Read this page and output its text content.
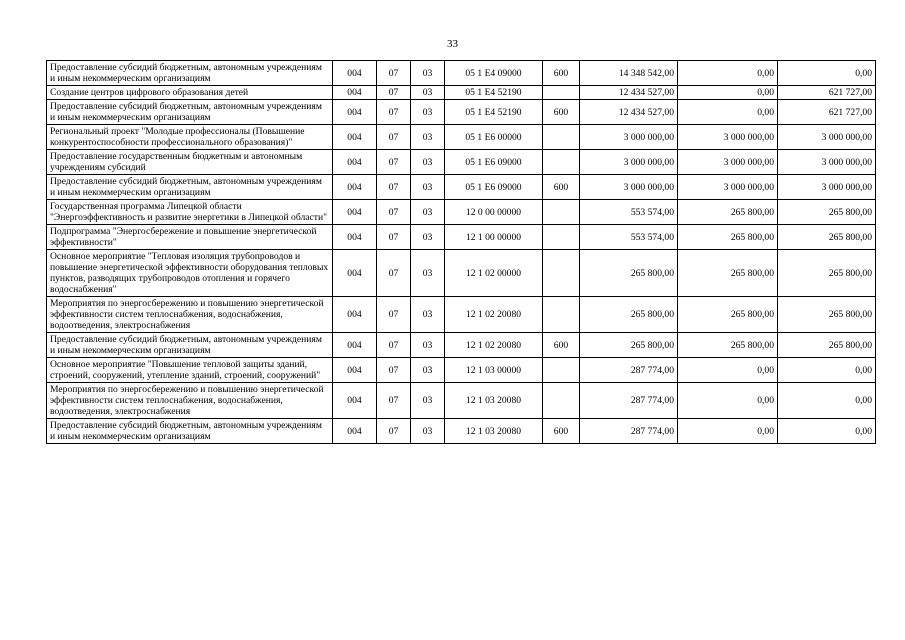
33
Предоставление субсидий бюджетным, автономным учреждениям и иным некоммерческим организациям	004	07	03	05 1 E4 09000	600	14 348 542,00	0,00	0,00
Создание центров цифрового образования детей	004	07	03	05 1 E4 52190		12 434 527,00	0,00	621 727,00
Предоставление субсидий бюджетным, автономным учреждениям и иным некоммерческим организациям	004	07	03	05 1 E4 52190	600	12 434 527,00	0,00	621 727,00
Региональный проект "Молодые профессионалы (Повышение конкурентоспособности профессионального образования)"	004	07	03	05 1 E6 00000		3 000 000,00	3 000 000,00	3 000 000,00
Предоставление государственным бюджетным и автономным учреждениям субсидий	004	07	03	05 1 E6 09000		3 000 000,00	3 000 000,00	3 000 000,00
Предоставление субсидий бюджетным, автономным учреждениям и иным некоммерческим организациям	004	07	03	05 1 E6 09000	600	3 000 000,00	3 000 000,00	3 000 000,00
Государственная программа Липецкой области "Энергоэффективность и развитие энергетики в Липецкой области"	004	07	03	12 0 00 00000		553 574,00	265 800,00	265 800,00
Подпрограмма "Энергосбережение и повышение энергетической эффективности"	004	07	03	12 1 00 00000		553 574,00	265 800,00	265 800,00
Основное мероприятие "Тепловая изоляция трубопроводов и повышение энергетической эффективности оборудования тепловых пунктов, разводящих трубопроводов отопления и горячего водоснабжения"	004	07	03	12 1 02 00000		265 800,00	265 800,00	265 800,00
Мероприятия по энергосбережению и повышению энергетической эффективности систем теплоснабжения, водоснабжения, водоотведения, электроснабжения	004	07	03	12 1 02 20080		265 800,00	265 800,00	265 800,00
Предоставление субсидий бюджетным, автономным учреждениям и иным некоммерческим организациям	004	07	03	12 1 02 20080	600	265 800,00	265 800,00	265 800,00
Основное мероприятие "Повышение тепловой защиты зданий, строений, сооружений, утепление зданий, строений, сооружений"	004	07	03	12 1 03 00000		287 774,00	0,00	0,00
Мероприятия по энергосбережению и повышению энергетической эффективности систем теплоснабжения, водоснабжения, водоотведения, электроснабжения	004	07	03	12 1 03 20080		287 774,00	0,00	0,00
Предоставление субсидий бюджетным, автономным учреждениям и иным некоммерческим организациям	004	07	03	12 1 03 20080	600	287 774,00	0,00	0,00
